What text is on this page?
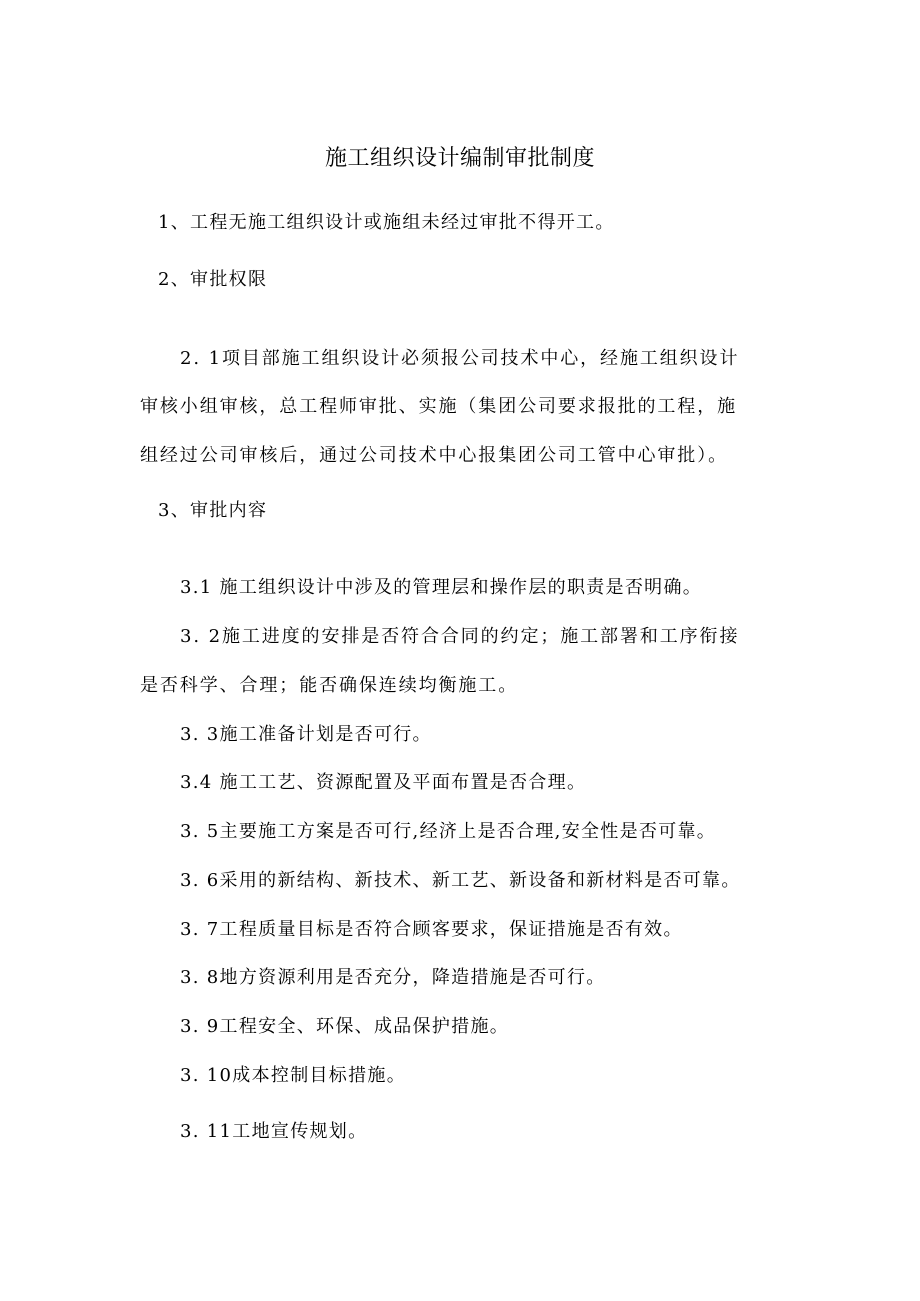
施工组织设计编制审批制度
1、工程无施工组织设计或施组未经过审批不得开工。
2、审批权限
2. 1项目部施工组织设计必须报公司技术中心，经施工组织设计
审核小组审核，总工程师审批、实施（集团公司要求报批的工程，施
组经过公司审核后，通过公司技术中心报集团公司工管中心审批）。
3、审批内容
3.1 施工组织设计中涉及的管理层和操作层的职责是否明确。
3. 2施工进度的安排是否符合合同的约定；施工部署和工序衔接
是否科学、合理；能否确保连续均衡施工。
3. 3施工准备计划是否可行。
3.4 施工工艺、资源配置及平面布置是否合理。
3. 5主要施工方案是否可行,经济上是否合理,安全性是否可靠。
3. 6采用的新结构、新技术、新工艺、新设备和新材料是否可靠。
3. 7工程质量目标是否符合顾客要求，保证措施是否有效。
3. 8地方资源利用是否充分，降造措施是否可行。
3. 9工程安全、环保、成品保护措施。
3. 10成本控制目标措施。
3. 11工地宣传规划。
